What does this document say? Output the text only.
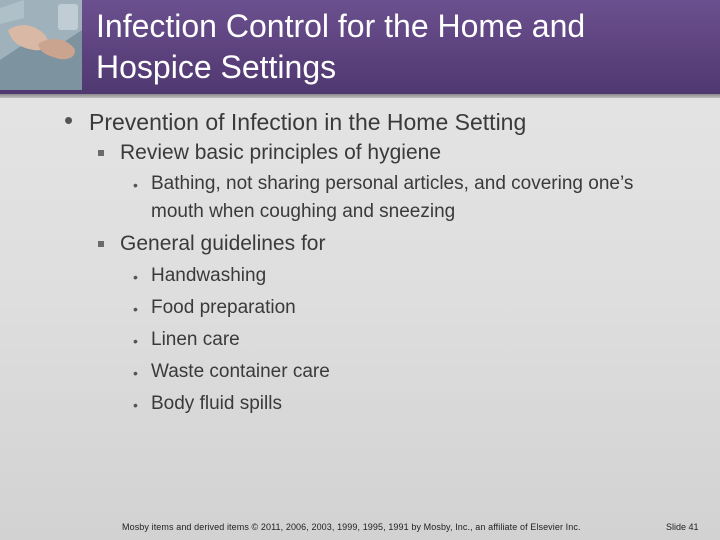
Infection Control for the Home and Hospice Settings
• Prevention of Infection in the Home Setting
Review basic principles of hygiene
• Bathing, not sharing personal articles, and covering one’s mouth when coughing and sneezing
General guidelines for
• Handwashing
• Food preparation
• Linen care
• Waste container care
• Body fluid spills
Mosby items and derived items © 2011, 2006, 2003, 1999, 1995, 1991 by Mosby, Inc., an affiliate of Elsevier Inc.	Slide 41
